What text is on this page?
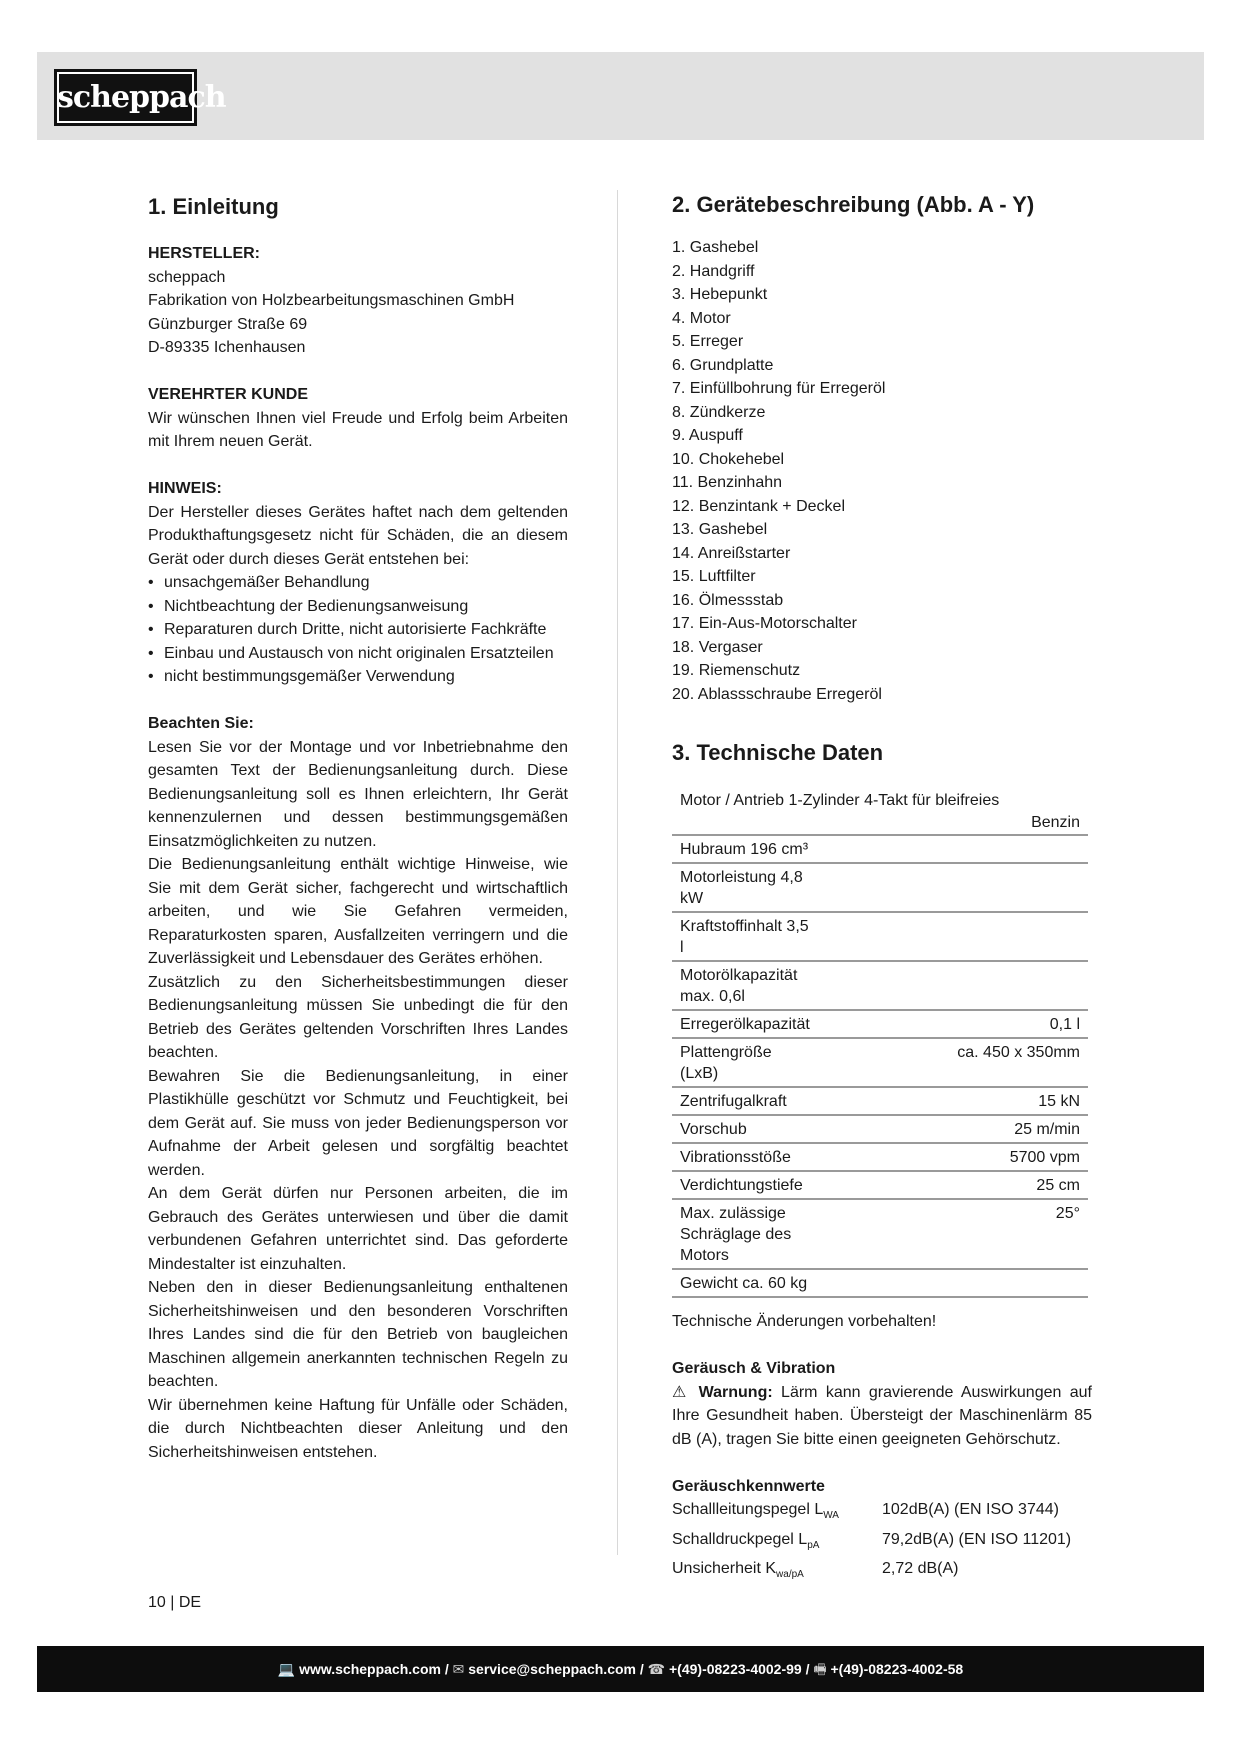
scheppach
1. Einleitung

HERSTELLER:

scheppach

Fabrikation von Holzbearbeitungsmaschinen GmbH

Günzburger Straße 69

D-89335 Ichenhausen

VEREHRTER KUNDE

Wir wünschen Ihnen viel Freude und Erfolg beim Arbeiten mit Ihrem neuen Gerät.

HINWEIS:

Der Hersteller dieses Gerätes haftet nach dem geltenden Produkthaftungsgesetz nicht für Schäden, die an diesem Gerät oder durch dieses Gerät entstehen bei:

• unsachgemäßer Behandlung

• Nichtbeachtung der Bedienungsanweisung

• Reparaturen durch Dritte, nicht autorisierte Fachkräfte

• Einbau und Austausch von nicht originalen Ersatzteilen

• nicht bestimmungsgemäßer Verwendung

Beachten Sie:

Lesen Sie vor der Montage und vor Inbetriebnahme den gesamten Text der Bedienungsanleitung durch. Diese Bedienungsanleitung soll es Ihnen erleichtern, Ihr Gerät kennenzulernen und dessen bestimmungsgemäßen Einsatzmöglichkeiten zu nutzen.

Die Bedienungsanleitung enthält wichtige Hinweise, wie Sie mit dem Gerät sicher, fachgerecht und wirtschaftlich arbeiten, und wie Sie Gefahren vermeiden, Reparaturkosten sparen, Ausfallzeiten verringern und die Zuverlässigkeit und Lebensdauer des Gerätes erhöhen.

Zusätzlich zu den Sicherheitsbestimmungen dieser Bedienungsanleitung müssen Sie unbedingt die für den Betrieb des Gerätes geltenden Vorschriften Ihres Landes beachten.

Bewahren Sie die Bedienungsanleitung, in einer Plastikhülle geschützt vor Schmutz und Feuchtigkeit, bei dem Gerät auf. Sie muss von jeder Bedienungsperson vor Aufnahme der Arbeit gelesen und sorgfältig beachtet werden.

An dem Gerät dürfen nur Personen arbeiten, die im Gebrauch des Gerätes unterwiesen und über die damit verbundenen Gefahren unterrichtet sind. Das geforderte Mindestalter ist einzuhalten.

Neben den in dieser Bedienungsanleitung enthaltenen Sicherheitshinweisen und den besonderen Vorschriften Ihres Landes sind die für den Betrieb von baugleichen Maschinen allgemein anerkannten technischen Regeln zu beachten.

Wir übernehmen keine Haftung für Unfälle oder Schäden, die durch Nichtbeachten dieser Anleitung und den Sicherheitshinweisen entstehen.

2. Gerätebeschreibung (Abb. A - Y)

1. Gashebel

2. Handgriff

3. Hebepunkt

4. Motor

5. Erreger

6. Grundplatte

7. Einfüllbohrung für Erregeröl

8. Zündkerze

9. Auspuff

10. Chokehebel

11. Benzinhahn

12. Benzintank + Deckel

13. Gashebel

14. Anreißstarter

15. Luftfilter

16. Ölmessstab

17. Ein-Aus-Motorschalter

18. Vergaser

19. Riemenschutz

20. Ablassschraube Erregeröl

3. Technische Daten
Motor / Antrieb 1-Zylinder 4-Takt für bleifreies
Benzin
Hubraum 196 cm³	
Motorleistung 4,8 kW	
Kraftstoffinhalt 3,5 l	
Motorölkapazität max. 0,6l	
Erregerölkapazität	0,1 l
Plattengröße (LxB)	ca. 450 x 350mm
Zentrifugalkraft	15 kN
Vorschub	25 m/min
Vibrationsstöße	5700 vpm
Verdichtungstiefe	25 cm
Max. zulässige Schräglage des Motors	25°
Gewicht ca. 60 kg	

Technische Änderungen vorbehalten!

Geräusch & Vibration

⚠ Warnung: Lärm kann gravierende Auswirkungen auf Ihre Gesundheit haben. Übersteigt der Maschinenlärm 85 dB (A), tragen Sie bitte einen geeigneten Gehörschutz.

Geräuschkennwerte

Schallleitungspegel $L_{WA}$	102dB(A) (EN ISO 3744)
Schalldruckpegel $L_{pA}$	79,2dB(A) (EN ISO 11201)
Unsicherheit $K_{wa/pA}$	2,72 dB(A)
10 | DE
💻 www.scheppach.com / ✉ service@scheppach.com / ☎ +(49)-08223-4002-99 / 🖷 +(49)-08223-4002-58
